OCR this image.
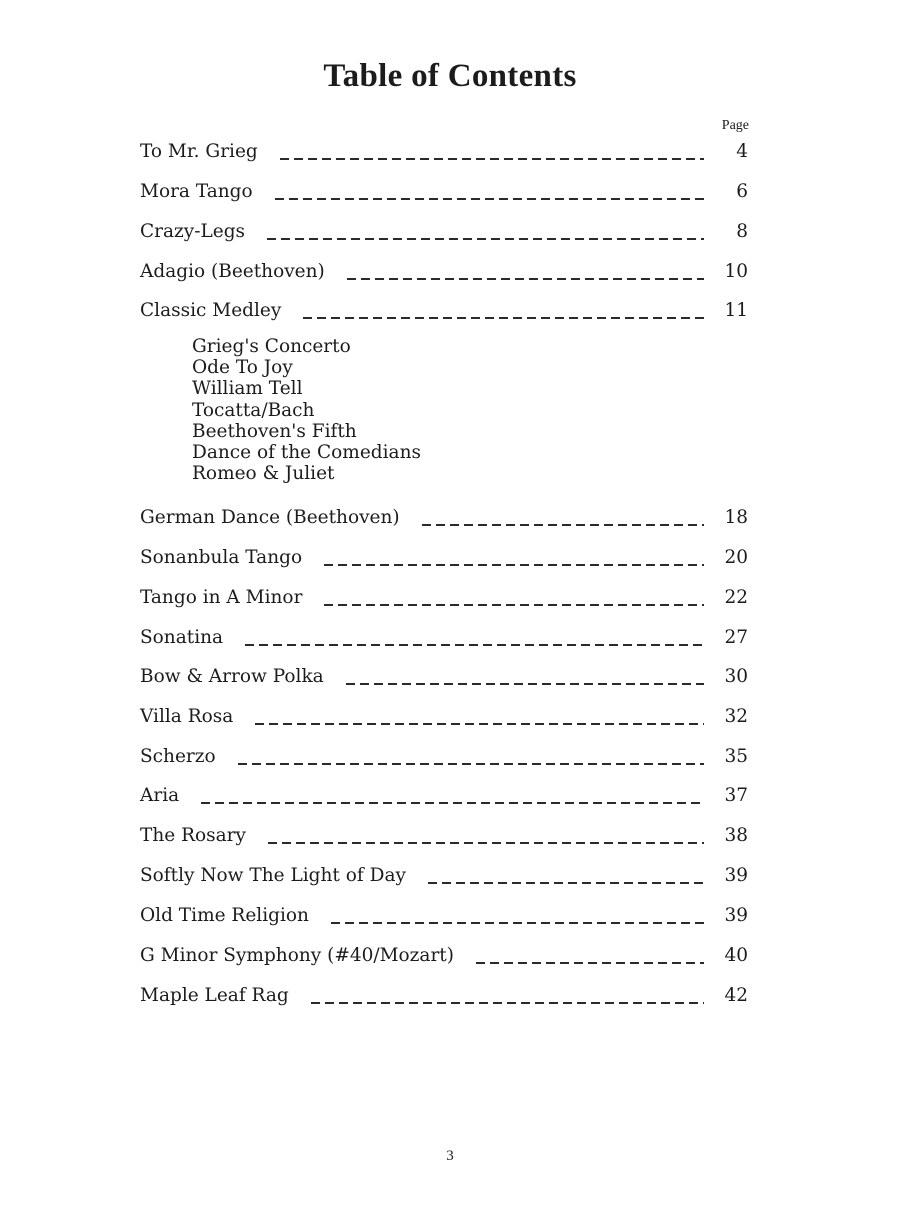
Table of Contents
Page
To Mr. Grieg	4
Mora Tango	6
Crazy-Legs	8
Adagio (Beethoven)	10
Classic Medley	11
Grieg's Concerto
Ode To Joy
William Tell
Tocatta/Bach
Beethoven's Fifth
Dance of the Comedians
Romeo & Juliet
German Dance (Beethoven)	18
Sonanbula Tango	20
Tango in A Minor	22
Sonatina	27
Bow & Arrow Polka	30
Villa Rosa	32
Scherzo	35
Aria	37
The Rosary	38
Softly Now The Light of Day	39
Old Time Religion	39
G Minor Symphony (#40/Mozart)	40
Maple Leaf Rag	42
3
